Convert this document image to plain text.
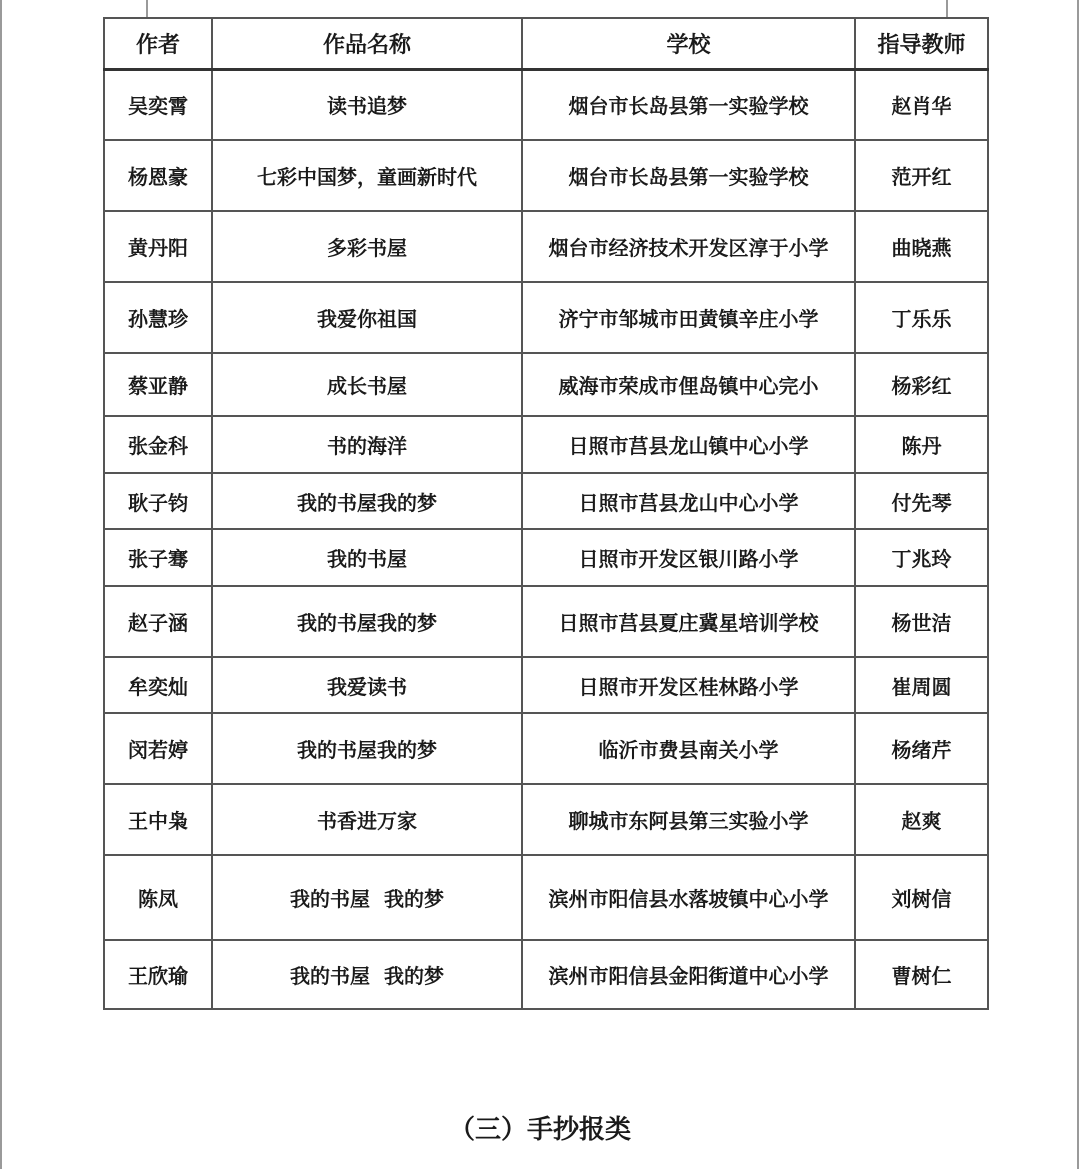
作者	作品名称	学校	指导教师
吴奕霄	读书追梦	烟台市长岛县第一实验学校	赵肖华
杨恩豪	七彩中国梦，童画新时代	烟台市长岛县第一实验学校	范开红
黄丹阳	多彩书屋	烟台市经济技术开发区淳于小学	曲晓燕
孙慧珍	我爱你祖国	济宁市邹城市田黄镇辛庄小学	丁乐乐
蔡亚静	成长书屋	威海市荣成市俚岛镇中心完小	杨彩红
张金科	书的海洋	日照市莒县龙山镇中心小学	陈丹
耿子钧	我的书屋我的梦	日照市莒县龙山中心小学	付先琴
张子骞	我的书屋	日照市开发区银川路小学	丁兆玲
赵子涵	我的书屋我的梦	日照市莒县夏庄冀星培训学校	杨世洁
牟奕灿	我爱读书	日照市开发区桂林路小学	崔周圆
闵若婷	我的书屋我的梦	临沂市费县南关小学	杨绪芹
王中枭	书香进万家	聊城市东阿县第三实验小学	赵爽
陈凤	我的书屋  我的梦	滨州市阳信县水落坡镇中心小学	刘树信
王欣瑜	我的书屋  我的梦	滨州市阳信县金阳街道中心小学	曹树仁
（三）手抄报类
